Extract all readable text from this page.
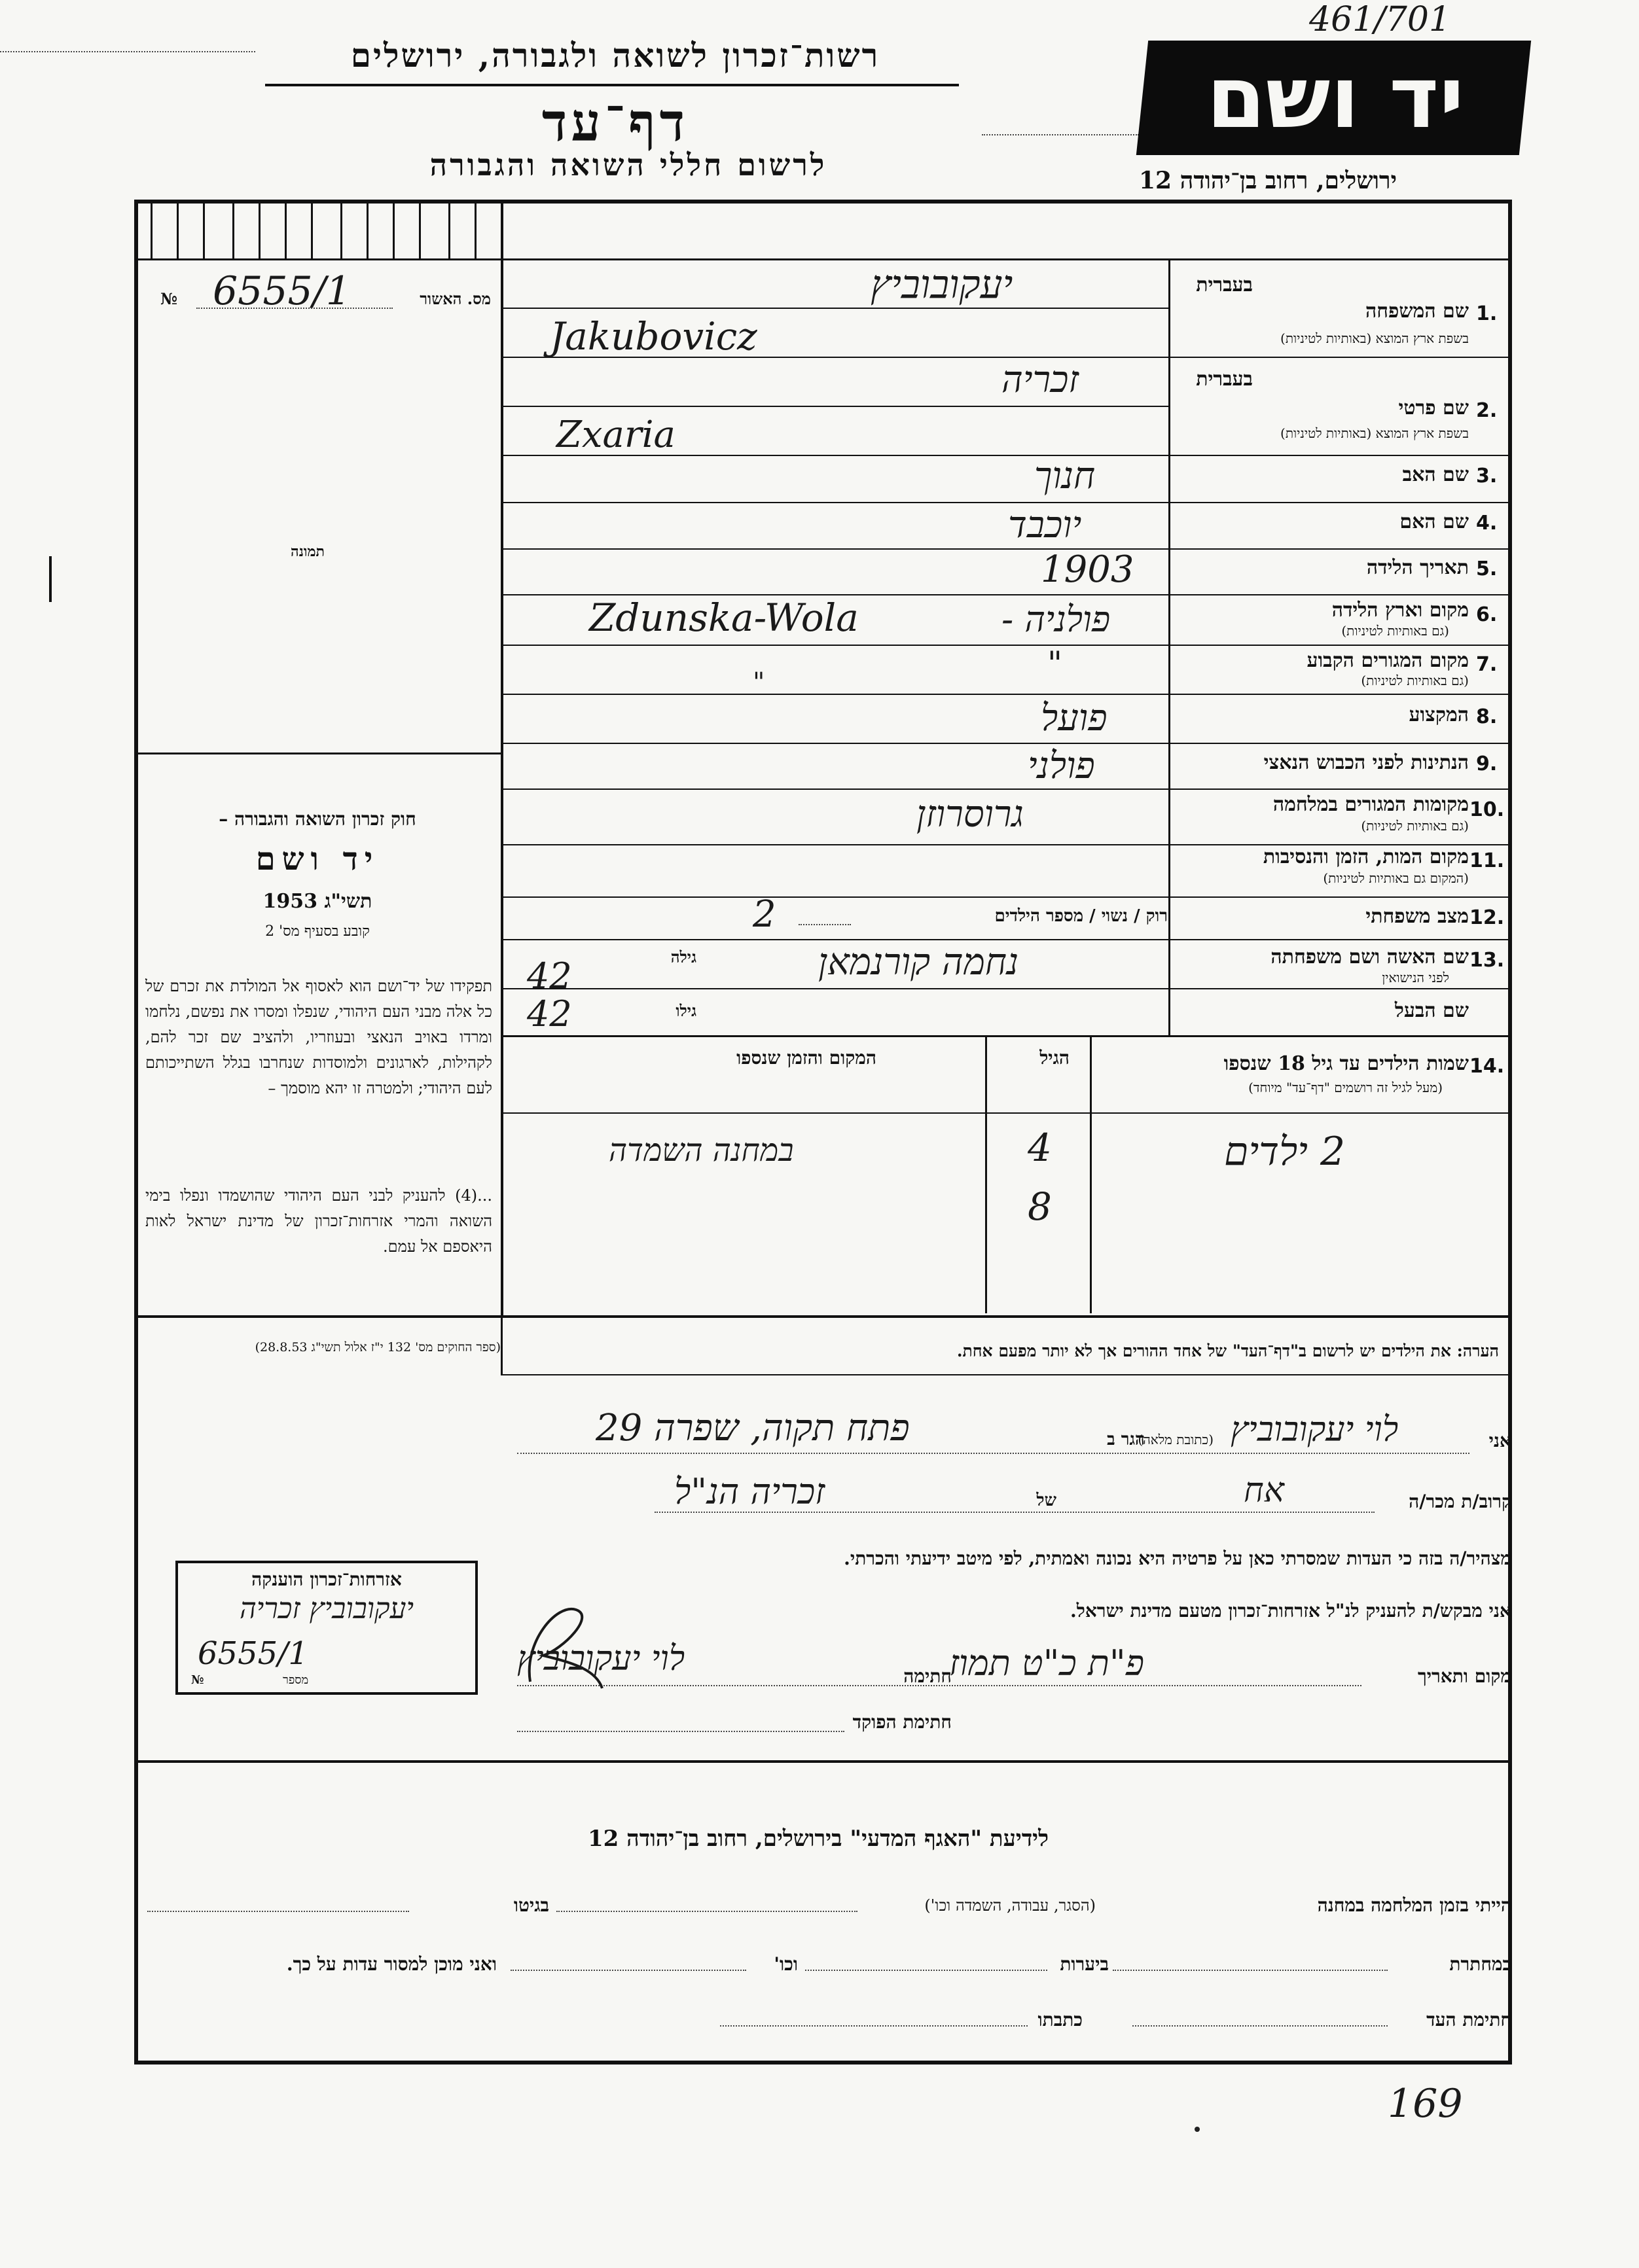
461/701
רשות־זכרון לשואה ולגבורה, ירושלים
דף־עד
לרשום חללי השואה והגבורה
יד ושם
ירושלים, רחוב בן־יהודה 12
מס. האשור
№ 6555/1
תמונה
1.
בעברית
שם המשפחה
בשפת ארץ המוצא (באותיות לטיניות)
יעקובוביץ
Jakubovicz
2.
בעברית
שם פרטי
בשפת ארץ המוצא (באותיות לטיניות)
זכריה
Zxaria
3.
שם האב
חנוך
4.
שם האם
יוכבד
5.
תאריך הלידה
1903
6.
מקום וארץ הלידה
(גם באותיות לטיניות)
פולניה -
Zdunska-Wola
7.
מקום המגורים הקבוע
(גם באותיות לטיניות)
"
"
8.
המקצוע
פועל
9.
הנתינות לפני הכבוש הנאצי
פולני
10.
מקומות המגורים במלחמה
(גם באותיות לטיניות)
גרוסרוזן
11.
מקום המות, הזמן והנסיבות
(המקום גם באותיות לטיניות)
12.
מצב משפחתי
רוק / נשוי / מספר הילדים
2
13.
שם האשה ושם משפחתה
לפני הנישואין
גילה
42	נחמה קורנמאן
שם הבעל
גילו
42
14.
שמות הילדים עד גיל 18 שנספו
(מעל לגיל זה רושמים "דף־עד" מיוחד)
הגיל
המקום והזמן שנספו
2 ילדים
4
8
במחנה השמדה
חוק זכרון השואה והגבורה –
יד ושם
תשי"ג 1953
קובע בסעיף מס' 2
תפקידו של יד־ושם הוא לאסוף אל המולדת את זכרם של כל אלה מבני העם היהודי, שנפלו ומסרו את נפשם, נלחמו ומרדו באויב הנאצי ובעוזריו, ולהציב שם זכר להם, לקהילות, לארגונים ולמוסדות שנחרבו בגלל השתייכותם לעם היהודי; ולמטרה זו יהא מוסמך –
...(4) להעניק לבני העם היהודי שהושמדו ונפלו בימי השואה והמרי אזרחות־זכרון של מדינת ישראל לאות היאספם אל עמם.
(ספר החוקים מס' 132 י"ז אלול תשי"ג 28.8.53)	הערה: את הילדים יש לרשום ב"דף־העד" של אחד ההורים אך לא יותר מפעם אחת.
אני
לוי יעקובוביץ
הגר ב
(כתובת מלאה)
פתח תקוה, שפרה 29
קרוב/ת מכר/ה
אח
של
זכריה הנ"ל
מצהיר/ה בזה כי העדות שמסרתי כאן על פרטיה היא נכונה ואמתית, לפי מיטב ידיעתי והכרתי.
אני מבקש/ת להעניק לנ"ל אזרחות־זכרון מטעם מדינת ישראל.
מקום ותאריך
פ"ת כ"ט תמוז
חתימה
לוי יעקובוביץ
חתימת הפוקד
אזרחות־זכרון הוענקה
יעקובוביץ זכריה
6555/1
מספר
№
לידיעת "האגף המדעי" בירושלים, רחוב בן־יהודה 12
הייתי בזמן המלחמה במחנה
(הסגר, עבודה, השמדה וכו')
בגיטו
במחתרת
ביערות
וכו'
ואני מוכן למסור עדות על כך.
חתימת העד
כתבתו
169
